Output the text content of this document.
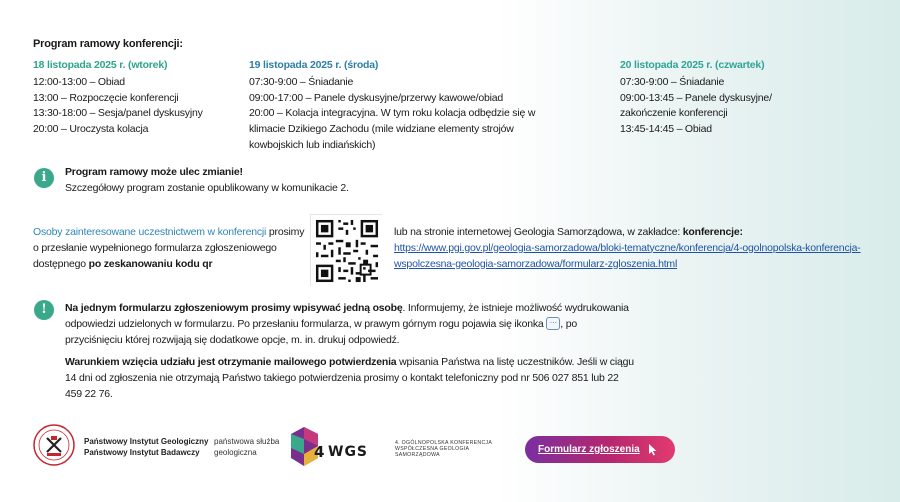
Program ramowy konferencji:
18 listopada 2025 r. (wtorek)
12:00-13:00 – Obiad
13:00 – Rozpoczęcie konferencji
13:30-18:00 – Sesja/panel dyskusyjny
20:00 – Uroczysta kolacja
19 listopada 2025 r. (środa)
07:30-9:00 – Śniadanie
09:00-17:00 – Panele dyskusyjne/przerwy kawowe/obiad
20:00 – Kolacja integracyjna. W tym roku kolacja odbędzie się w klimacie Dzikiego Zachodu (mile widziane elementy strojów kowbojskich lub indiańskich)
20 listopada 2025 r. (czwartek)
07:30-9:00 – Śniadanie
09:00-13:45 – Panele dyskusyjne/ zakończenie konferencji
13:45-14:45 – Obiad
i	Program ramowy może ulec zmianie!
Szczegółowy program zostanie opublikowany w komunikacie 2.
Osoby zainteresowane uczestnictwem w konferencji prosimy o przesłanie wypełnionego formularza zgłoszeniowego dostępnego po zeskanowaniu kodu qr
lub na stronie internetowej Geologia Samorządowa, w zakładce: konferencje:
https://www.pgi.gov.pl/geologia-samorzadowa/bloki-tematyczne/konferencja/4-ogolnopolska-konferencja-wspolczesna-geologia-samorzadowa/formularz-zgloszenia.html
!	Na jednym formularzu zgłoszeniowym prosimy wpisywać jedną osobę. Informujemy, że istnieje możliwość wydrukowania odpowiedzi udzielonych w formularzu. Po przesłaniu formularza, w prawym górnym rogu pojawia się ikonka ··· , po przyciśnięciu której rozwijają się dodatkowe opcje, m. in. drukuj odpowiedź.

Warunkiem wzięcia udziału jest otrzymanie mailowego potwierdzenia wpisania Państwa na listę uczestników. Jeśli w ciągu 14 dni od zgłoszenia nie otrzymają Państwo takiego potwierdzenia prosimy o kontakt telefoniczny pod nr 506 027 851 lub 22 459 22 76.

Państwowy Instytut Geologiczny
Państwowy Instytut Badawczy
państwowa służba
geologiczna	4 WGS
4. OGÓLNOPOLSKA KONFERENCJA
WSPÓŁCZESNA GEOLOGIA
SAMORZĄDOWA
Formularz zgłoszenia
